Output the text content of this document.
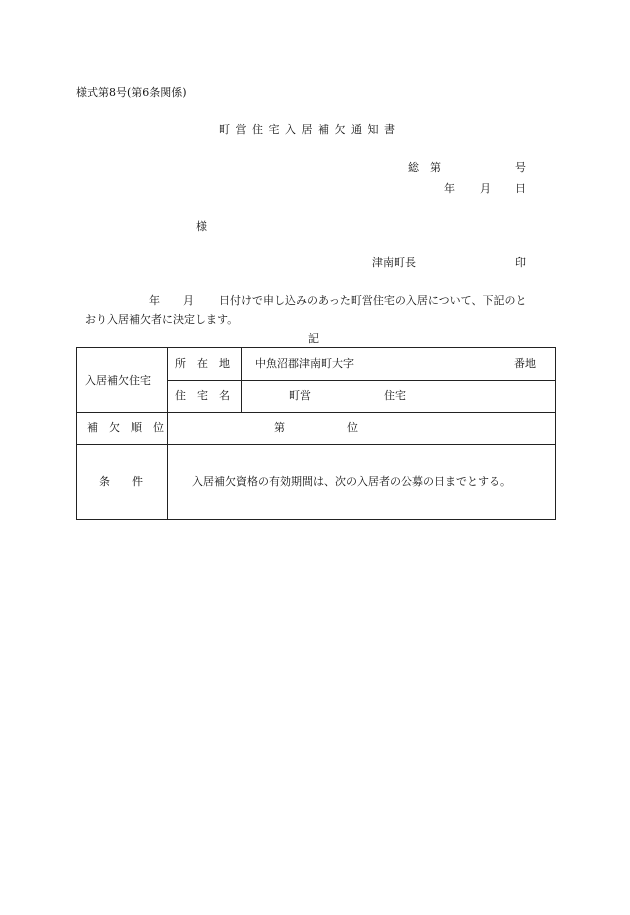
様式第8号(第6条関係)
町 営 住 宅 入 居 補 欠 通 知 書
総　第	号
年 月 日
様
津南町長	印
年 月 日付けで申し込みのあった町営住宅の入居について、下記のと
おり入居補欠者に決定します。
記
入居補欠住宅
所　在　地 中魚沼郡津南町大字	番地
住　宅　名	町営	住宅
補　欠　順　位	第	位
条　　件	入居補欠資格の有効期間は、次の入居者の公募の日までとする。
